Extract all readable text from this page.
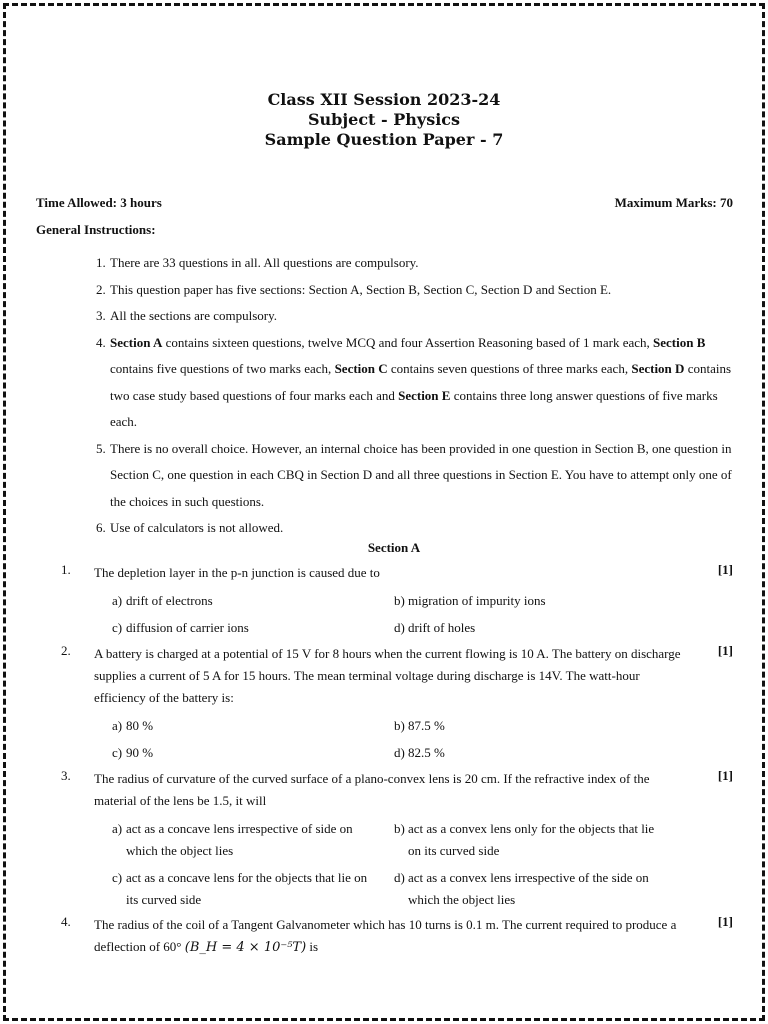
Class XII Session 2023-24
Subject - Physics
Sample Question Paper - 7
Time Allowed: 3 hours	Maximum Marks: 70
General Instructions:
1. There are 33 questions in all. All questions are compulsory.
2. This question paper has five sections: Section A, Section B, Section C, Section D and Section E.
3. All the sections are compulsory.
4. Section A contains sixteen questions, twelve MCQ and four Assertion Reasoning based of 1 mark each, Section B contains five questions of two marks each, Section C contains seven questions of three marks each, Section D contains two case study based questions of four marks each and Section E contains three long answer questions of five marks each.
5. There is no overall choice. However, an internal choice has been provided in one question in Section B, one question in Section C, one question in each CBQ in Section D and all three questions in Section E. You have to attempt only one of the choices in such questions.
6. Use of calculators is not allowed.
Section A
1. The depletion layer in the p-n junction is caused due to	[1]
a) drift of electrons	b) migration of impurity ions
c) diffusion of carrier ions	d) drift of holes
2. A battery is charged at a potential of 15 V for 8 hours when the current flowing is 10 A. The battery on discharge supplies a current of 5 A for 15 hours. The mean terminal voltage during discharge is 14V. The watt-hour efficiency of the battery is:
[1]
a) 80 %	b) 87.5 %
c) 90 %	d) 82.5 %
3. The radius of curvature of the curved surface of a plano-convex lens is 20 cm. If the refractive index of the material of the lens be 1.5, it will
[1]
a) act as a concave lens irrespective of side on which the object lies
b) act as a convex lens only for the objects that lie on its curved side
c) act as a concave lens for the objects that lie on its curved side
d) act as a convex lens irrespective of the side on which the object lies
4. The radius of the coil of a Tangent Galvanometer which has 10 turns is 0.1 m. The current required to produce a deflection of 60° (B_H = 4 × 10⁻⁵T) is
[1]
